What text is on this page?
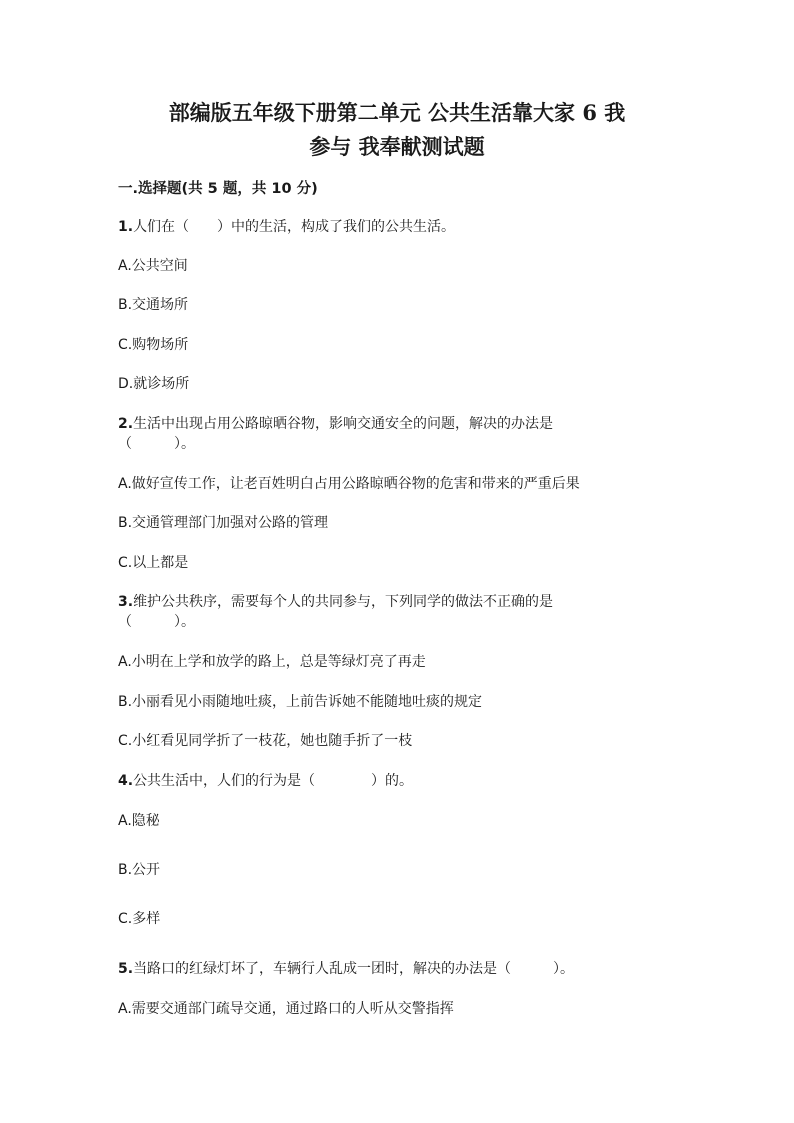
部编版五年级下册第二单元 公共生活靠大家 6 我
参与 我奉献测试题
一.选择题(共 5 题，共 10 分)
1.人们在（　　）中的生活，构成了我们的公共生活。
A.公共空间
B.交通场所
C.购物场所
D.就诊场所
2.生活中出现占用公路晾晒谷物，影响交通安全的问题，解决的办法是
（　　　）。
A.做好宣传工作，让老百姓明白占用公路晾晒谷物的危害和带来的严重后果
B.交通管理部门加强对公路的管理
C.以上都是
3.维护公共秩序，需要每个人的共同参与，下列同学的做法不正确的是
（　　　）。
A.小明在上学和放学的路上，总是等绿灯亮了再走
B.小丽看见小雨随地吐痰，上前告诉她不能随地吐痰的规定
C.小红看见同学折了一枝花，她也随手折了一枝
4.公共生活中，人们的行为是（　　　　）的。
A.隐秘
B.公开
C.多样
5.当路口的红绿灯坏了，车辆行人乱成一团时，解决的办法是（　　　）。
A.需要交通部门疏导交通，通过路口的人听从交警指挥
